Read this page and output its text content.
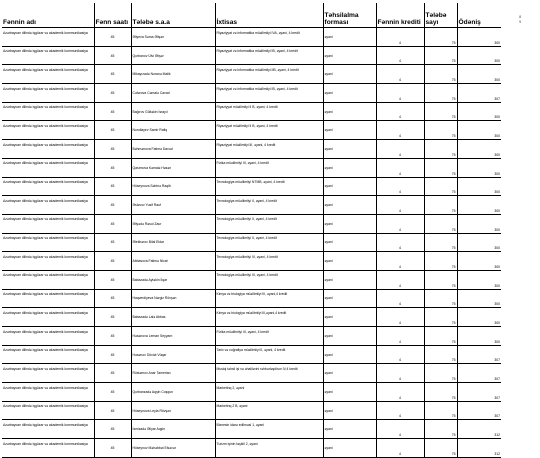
Fənnin adı	Fənn saatı	Tələbə s.a.a	İxtisas	Təhsilalma forması	Fənnin krediti	Tələbə sayı	Ödəniş
Azərbaycan dilində işgüzar və akademik kommunikasiya	45	Əliyeva Səma Əlişən	Riyaziyyat və informatika müəllimliyi IVA, əyani, 4 kredit	əyani	4	75	300
Azərbaycan dilində işgüzar və akademik kommunikasiya	45	Qurbanov Ülvi Əlişər	Riyaziyyat və informatika müəllimliyi IB, əyani, 4 kredit	əyani	4	75	300
Azərbaycan dilində işgüzar və akademik kommunikasiya	45	Mikayızadə Nuranə Malik	Riyaziyyat və informatika müəllimliyi IIB, əyani, 4 kredit	əyani	4	75	300
Azərbaycan dilində işgüzar və akademik kommunikasiya	45	Cəfərova Cəmalə Cavad	Riyaziyyat və informatika müəllimliyi IB, əyani, 4 kredit	əyani	4	75	307
Azərbaycan dilində işgüzar və akademik kommunikasiya	45	Bağırov Gültəkin İsrayıl	Riyaziyyat müəllimliyi II B, əyani, 4 kredit	əyani	4	75	300
Azərbaycan dilində işgüzar və akademik kommunikasiya	45	Nurullayev Samir Rafiq	Riyaziyyat müəllimliyi II B, əyani, 4 kredit	əyani	4	75	300
Azərbaycan dilində işgüzar və akademik kommunikasiya	45	Bəhmənova Fatimə Davud	Riyaziyyat müəllimliyi III, əyani, 4 kredit	əyani	4	75	300
Azərbaycan dilində işgüzar və akademik kommunikasiya	45	Qasımova Kəmalə Həsən	Fizika müəllimliyi III, əyani, 4 kredit	əyani	4	75	300
Azərbaycan dilində işgüzar və akademik kommunikasiya	45	Hüseynova Səbinə Raqib	Texnologiya müəllimliyi NTMB, əyani, 4 kredit	əyani	4	75	300
Azərbaycan dilində işgüzar və akademik kommunikasiya	45	Əsləvov Yusif Rauf	Texnologiya müəllimliyi II, əyani, 4 kredit	əyani	4	75	300
Azərbaycan dilində işgüzar və akademik kommunikasiya	45	Əliyədə Rəsul Zaur	Texnologiya müəllimliyi II, əyani, 4 kredit	əyani	4	75	300
Azərbaycan dilində işgüzar və akademik kommunikasiya	45	Əlekbərov Bilal Eldar	Texnologiya müəllimliyi II, əyani, 4 kredit	əyani	4	75	300
Azərbaycan dilində işgüzar və akademik kommunikasiya	45	Abbasova Fatimə Nicat	Texnologiya müəllimliyi III, əyani, 4 kredit	əyani	4	75	300
Azərbaycan dilində işgüzar və akademik kommunikasiya	45	Babazadə Aytəkin İlqar	Texnologiya müəllimliyi III, əyani, 4 kredit	əyani	4	75	300
Azərbaycan dilində işgüzar və akademik kommunikasiya	45	Haqverdiyeva Nərgiz Rövşən	Kimya və biologiya müəllimliyi III, əyani,4 kredit	əyani	4	75	300
Azərbaycan dilində işgüzar və akademik kommunikasiya	45	Babazadə Lalə Abbas	Kimya və biologiya müəllimliyi III,əyani,4 kredit	əyani	4	75	300
Azərbaycan dilində işgüzar və akademik kommunikasiya	45	Həsənova Leman Seyyam	Fizika müəllimliyi III, əyani, 4 kredit	əyani	4	75	300
Azərbaycan dilində işgüzar və akademik kommunikasiya	45	Həsənov Dövlət Vüqar	Tarix və coğrafiya müəllimliyi II, əyani, 4 kredit	əyani	4	75	307
Azərbaycan dilində işgüzar və akademik kommunikasiya	45	Rüstəmov Anar Tamerlan	Musiqi təhsil işi və əhalilərini rəhbərləşdirən IV,4 kredit	əyani	4	75	307
Azərbaycan dilində işgüzar və akademik kommunikasiya	45	Qurbanzadə Aqşin Coşqun	Marketinq 2, əyani	əyani	4	75	307
Azərbaycan dilində işgüzar və akademik kommunikasiya	45	Hüseynova Leyla Rövşən	Marketinq 2 B, əyani	əyani	4	75	307
Azərbaycan dilində işgüzar və akademik kommunikasiya	45	İsmizadə Əliyar Aqşin	Biznesin idarə edilməsi 1, əyani	əyani	4	75	312
Azərbaycan dilində işgüzar və akademik kommunikasiya	45	Hüseynov Məhəbbət Elsəvər	Turizm işinin təşkili 2, əyani	əyani	4	75	312
8 9
